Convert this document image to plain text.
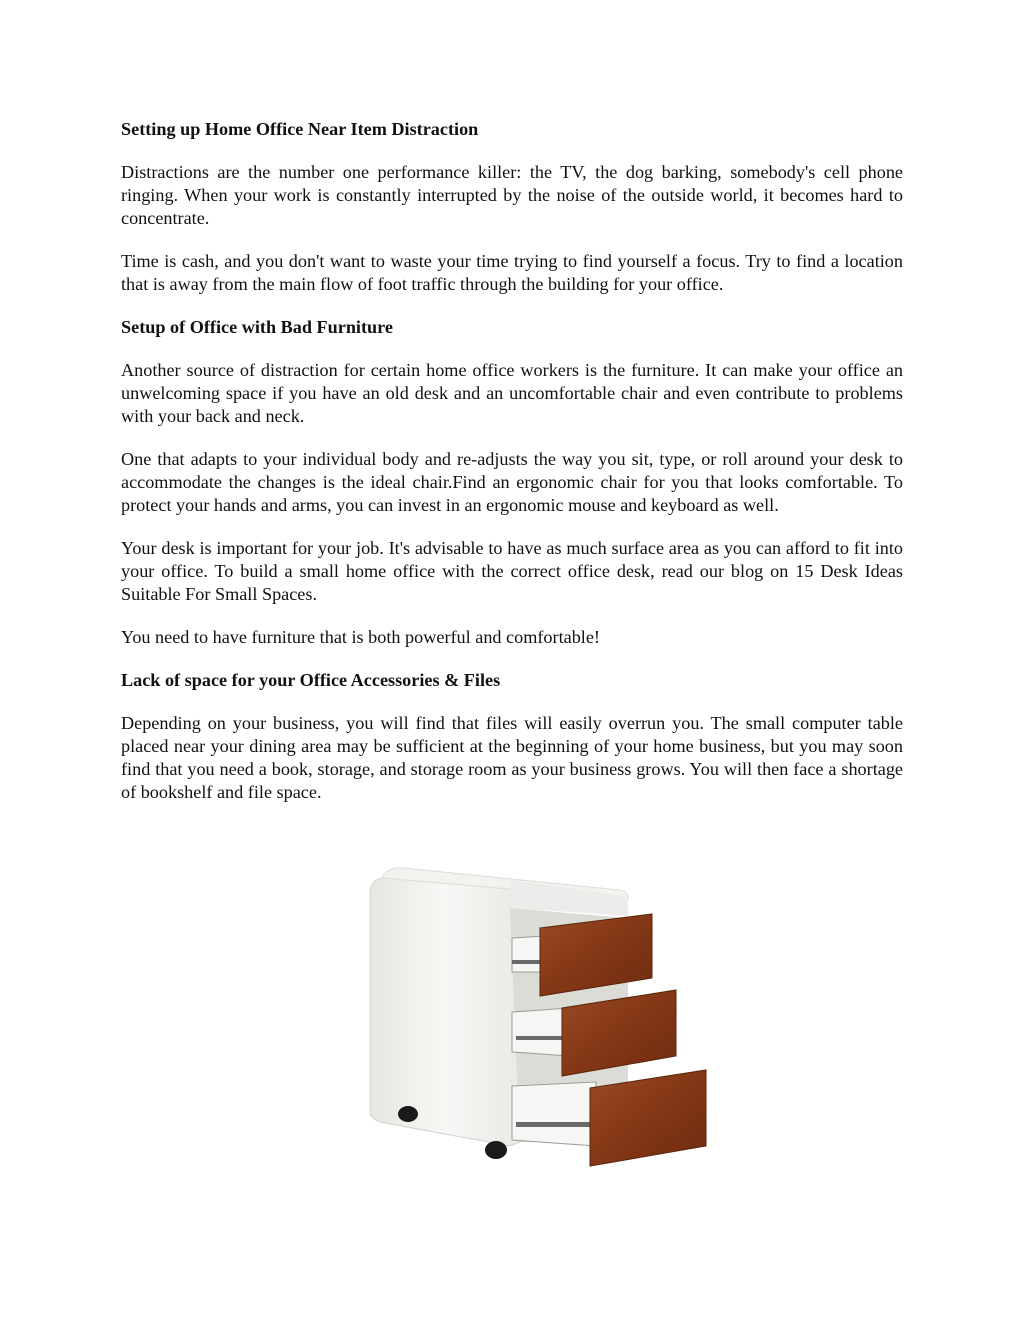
Setting up Home Office Near Item Distraction

Distractions are the number one performance killer: the TV, the dog barking, somebody's cell phone ringing. When your work is constantly interrupted by the noise of the outside world, it becomes hard to concentrate.

Time is cash, and you don't want to waste your time trying to find yourself a focus. Try to find a location that is away from the main flow of foot traffic through the building for your office.

Setup of Office with Bad Furniture

Another source of distraction for certain home office workers is the furniture. It can make your office an unwelcoming space if you have an old desk and an uncomfortable chair and even contribute to problems with your back and neck.

One that adapts to your individual body and re-adjusts the way you sit, type, or roll around your desk to accommodate the changes is the ideal chair.Find an ergonomic chair for you that looks comfortable. To protect your hands and arms, you can invest in an ergonomic mouse and keyboard as well.

Your desk is important for your job. It's advisable to have as much surface area as you can afford to fit into your office. To build a small home office with the correct office desk, read our blog on 15 Desk Ideas Suitable For Small Spaces.

You need to have furniture that is both powerful and comfortable!

Lack of space for your Office Accessories & Files

Depending on your business, you will find that files will easily overrun you. The small computer table placed near your dining area may be sufficient at the beginning of your home business, but you may soon find that you need a book, storage, and storage room as your business grows. You will then face a shortage of bookshelf and file space.
